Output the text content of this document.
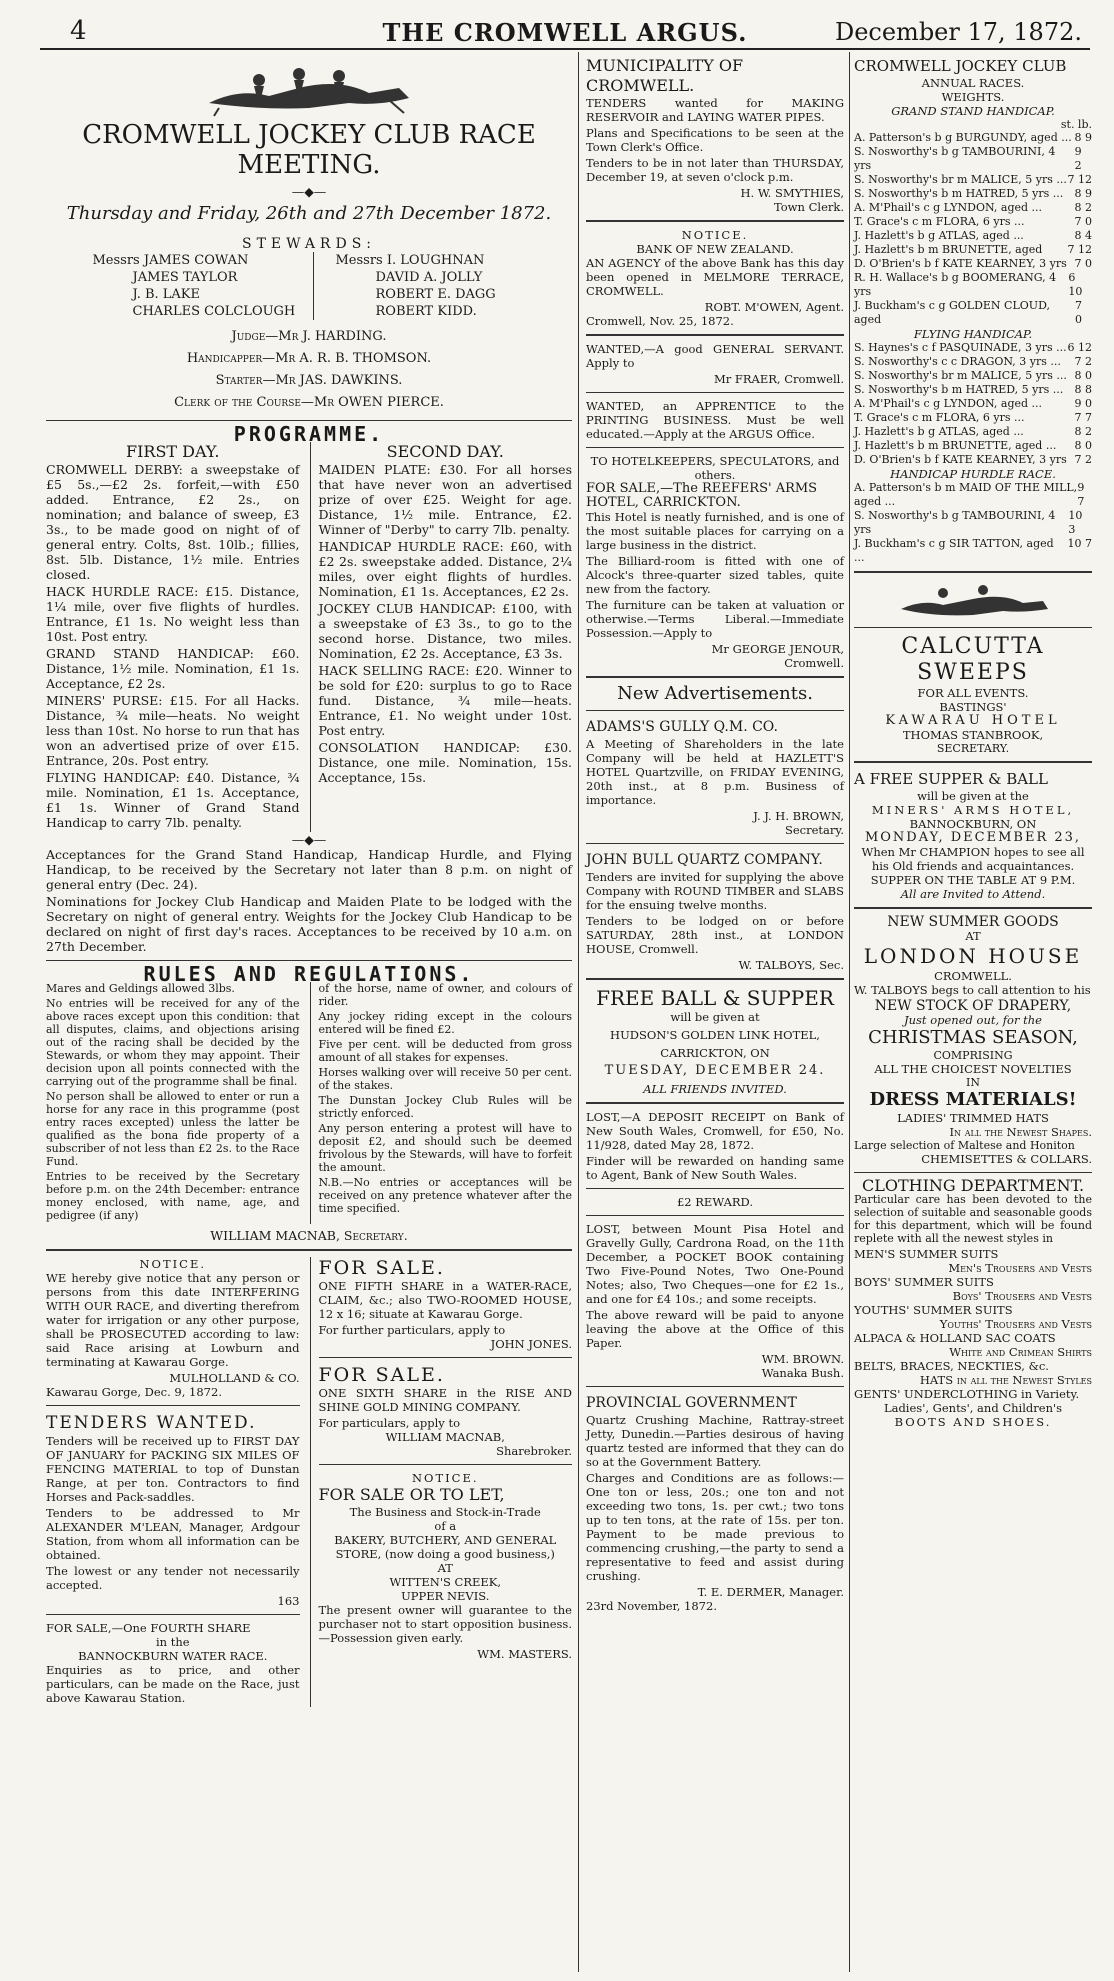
4	THE CROMWELL ARGUS.	December 17, 1872.
CROMWELL JOCKEY CLUB RACE MEETING.
—◆—
Thursday and Friday, 26th and 27th December 1872.
STEWARDS:
Messrs JAMES COWAN
JAMES TAYLOR
J. B. LAKE
CHARLES COLCLOUGH
Messrs I. LOUGHNAN
DAVID A. JOLLY
ROBERT E. DAGG
ROBERT KIDD.
Judge—Mr J. HARDING.
Handicapper—Mr A. R. B. THOMSON.
Starter—Mr JAS. DAWKINS.
Clerk of the Course—Mr OWEN PIERCE.
PROGRAMME.
FIRST DAY.

CROMWELL DERBY: a sweepstake of £5 5s.,—£2 2s. forfeit,—with £50 added. Entrance, £2 2s., on nomination; and balance of sweep, £3 3s., to be made good on night of of general entry. Colts, 8st. 10lb.; fillies, 8st. 5lb. Distance, 1½ mile. Entries closed.

HACK HURDLE RACE: £15. Distance, 1¼ mile, over five flights of hurdles. Entrance, £1 1s. No weight less than 10st. Post entry.

GRAND STAND HANDICAP: £60. Distance, 1½ mile. Nomination, £1 1s. Acceptance, £2 2s.

MINERS' PURSE: £15. For all Hacks. Distance, ¾ mile—heats. No weight less than 10st. No horse to run that has won an advertised prize of over £15. Entrance, 20s. Post entry.

FLYING HANDICAP: £40. Distance, ¾ mile. Nomination, £1 1s. Acceptance, £1 1s. Winner of Grand Stand Handicap to carry 7lb. penalty.

SECOND DAY.

MAIDEN PLATE: £30. For all horses that have never won an advertised prize of over £25. Weight for age. Distance, 1½ mile. Entrance, £2. Winner of "Derby" to carry 7lb. penalty.

HANDICAP HURDLE RACE: £60, with £2 2s. sweepstake added. Distance, 2¼ miles, over eight flights of hurdles. Nomination, £1 1s. Acceptances, £2 2s.

JOCKEY CLUB HANDICAP: £100, with a sweepstake of £3 3s., to go to the second horse. Distance, two miles. Nomination, £2 2s. Acceptance, £3 3s.

HACK SELLING RACE: £20. Winner to be sold for £20: surplus to go to Race fund. Distance, ¾ mile—heats. Entrance, £1. No weight under 10st. Post entry.

CONSOLATION HANDICAP: £30. Distance, one mile. Nomination, 15s. Acceptance, 15s.

—◆—

Acceptances for the Grand Stand Handicap, Handicap Hurdle, and Flying Handicap, to be received by the Secretary not later than 8 p.m. on night of general entry (Dec. 24).

Nominations for Jockey Club Handicap and Maiden Plate to be lodged with the Secretary on night of general entry. Weights for the Jockey Club Handicap to be declared on night of first day's races. Acceptances to be received by 10 a.m. on 27th December.

RULES AND REGULATIONS.

Mares and Geldings allowed 3lbs.

No entries will be received for any of the above races except upon this condition: that all disputes, claims, and objections arising out of the racing shall be decided by the Stewards, or whom they may appoint. Their decision upon all points connected with the carrying out of the programme shall be final.

No person shall be allowed to enter or run a horse for any race in this programme (post entry races excepted) unless the latter be qualified as the bona fide property of a subscriber of not less than £2 2s. to the Race Fund.

Entries to be received by the Secretary before p.m. on the 24th December: entrance money enclosed, with name, age, and pedigree (if any)

of the horse, name of owner, and colours of rider.

Any jockey riding except in the colours entered will be fined £2.

Five per cent. will be deducted from gross amount of all stakes for expenses.

Horses walking over will receive 50 per cent. of the stakes.

The Dunstan Jockey Club Rules will be strictly enforced.

Any person entering a protest will have to deposit £2, and should such be deemed frivolous by the Stewards, will have to forfeit the amount.

N.B.—No entries or acceptances will be received on any pretence whatever after the time specified.

WILLIAM MACNAB, Secretary.
NOTICE.

WE hereby give notice that any person or persons from this date INTERFERING WITH OUR RACE, and diverting therefrom water for irrigation or any other purpose, shall be PROSECUTED according to law: said Race arising at Lowburn and terminating at Kawarau Gorge.

MULHOLLAND & CO.
Kawarau Gorge, Dec. 9, 1872.
TENDERS WANTED.

Tenders will be received up to FIRST DAY OF JANUARY for PACKING SIX MILES OF FENCING MATERIAL to top of Dunstan Range, at per ton. Contractors to find Horses and Pack-saddles.

Tenders to be addressed to Mr ALEXANDER M'LEAN, Manager, Ardgour Station, from whom all information can be obtained.

The lowest or any tender not necessarily accepted.

163
FOR SALE,—One FOURTH SHARE
in the
BANNOCKBURN WATER RACE.

Enquiries as to price, and other particulars, can be made on the Race, just above Kawarau Station.

FOR SALE.

ONE FIFTH SHARE in a WATER-RACE, CLAIM, &c.; also TWO-ROOMED HOUSE, 12 x 16; situate at Kawarau Gorge.

For further particulars, apply to
JOHN JONES.
FOR SALE.

ONE SIXTH SHARE in the RISE AND SHINE GOLD MINING COMPANY.

For particulars, apply to
WILLIAM MACNAB,
Sharebroker.
NOTICE.
FOR SALE OR TO LET,
The Business and Stock-in-Trade
of a
BAKERY, BUTCHERY, AND GENERAL STORE, (now doing a good business,)
AT
WITTEN'S CREEK,
UPPER NEVIS.

The present owner will guarantee to the purchaser not to start opposition business.—Possession given early.

WM. MASTERS.
MUNICIPALITY OF CROMWELL.

TENDERS wanted for MAKING RESERVOIR and LAYING WATER PIPES.

Plans and Specifications to be seen at the Town Clerk's Office.

Tenders to be in not later than THURSDAY, December 19, at seven o'clock p.m.

H. W. SMYTHIES,
Town Clerk.
NOTICE.
BANK OF NEW ZEALAND.

AN AGENCY of the above Bank has this day been opened in MELMORE TERRACE, CROMWELL.

ROBT. M'OWEN, Agent.
Cromwell, Nov. 25, 1872.

WANTED,—A good GENERAL SERVANT. Apply to

Mr FRAER, Cromwell.

WANTED, an APPRENTICE to the PRINTING BUSINESS. Must be well educated.—Apply at the ARGUS Office.

TO HOTELKEEPERS, SPECULATORS, and others.
FOR SALE,—The REEFERS' ARMS HOTEL, CARRICKTON.

This Hotel is neatly furnished, and is one of the most suitable places for carrying on a large business in the district.

The Billiard-room is fitted with one of Alcock's three-quarter sized tables, quite new from the factory.

The furniture can be taken at valuation or otherwise.—Terms Liberal.—Immediate Possession.—Apply to

Mr GEORGE JENOUR,
Cromwell.
New Advertisements.
ADAMS'S GULLY Q.M. CO.

A Meeting of Shareholders in the late Company will be held at HAZLETT'S HOTEL Quartzville, on FRIDAY EVENING, 20th inst., at 8 p.m. Business of importance.

J. J. H. BROWN,
Secretary.
JOHN BULL QUARTZ COMPANY.

Tenders are invited for supplying the above Company with ROUND TIMBER and SLABS for the ensuing twelve months.

Tenders to be lodged on or before SATURDAY, 28th inst., at LONDON HOUSE, Cromwell.

W. TALBOYS, Sec.
FREE BALL & SUPPER
will be given at
HUDSON'S GOLDEN LINK HOTEL,
CARRICKTON, ON
TUESDAY, DECEMBER 24.
ALL FRIENDS INVITED.

LOST,—A DEPOSIT RECEIPT on Bank of New South Wales, Cromwell, for £50, No. 11/928, dated May 28, 1872.

Finder will be rewarded on handing same to Agent, Bank of New South Wales.

£2 REWARD.

LOST, between Mount Pisa Hotel and Gravelly Gully, Cardrona Road, on the 11th December, a POCKET BOOK containing Two Five-Pound Notes, Two One-Pound Notes; also, Two Cheques—one for £2 1s., and one for £4 10s.; and some receipts.

The above reward will be paid to anyone leaving the above at the Office of this Paper.

WM. BROWN.
Wanaka Bush.
PROVINCIAL GOVERNMENT

Quartz Crushing Machine, Rattray-street Jetty, Dunedin.—Parties desirous of having quartz tested are informed that they can do so at the Government Battery.

Charges and Conditions are as follows:—One ton or less, 20s.; one ton and not exceeding two tons, 1s. per cwt.; two tons up to ten tons, at the rate of 15s. per ton. Payment to be made previous to commencing crushing,—the party to send a representative to feed and assist during crushing.

T. E. DERMER, Manager.
23rd November, 1872.
CROMWELL JOCKEY CLUB
ANNUAL RACES.
WEIGHTS.
GRAND STAND HANDICAP.
st. lb.
A. Patterson's b g BURGUNDY, aged ... 8 9
S. Nosworthy's b g TAMBOURINI, 4 yrs
9 2
S. Nosworthy's br m MALICE, 5 yrs ... 7 12
S. Nosworthy's b m HATRED, 5 yrs ... 8 9
A. M'Phail's c g LYNDON, aged ...	8 2
T. Grace's c m FLORA, 6 yrs ...	7 0
J. Hazlett's b g ATLAS, aged ...	8 4
J. Hazlett's b m BRUNETTE, aged 7 12
D. O'Brien's b f KATE KEARNEY, 3 yrs 7 0
R. H. Wallace's b g BOOMERANG, 4 yrs
6 10
J. Buckham's c g GOLDEN CLOUD, aged
7 0
FLYING HANDICAP.
S. Haynes's c f PASQUINADE, 3 yrs ... 6 12
S. Nosworthy's c c DRAGON, 3 yrs ... 7 2
S. Nosworthy's br m MALICE, 5 yrs ... 8 0
S. Nosworthy's b m HATRED, 5 yrs ... 8 8
A. M'Phail's c g LYNDON, aged ...	9 0
T. Grace's c m FLORA, 6 yrs ...	7 7
J. Hazlett's b g ATLAS, aged ...	8 2
J. Hazlett's b m BRUNETTE, aged ... 8 0
D. O'Brien's b f KATE KEARNEY, 3 yrs 7 2
HANDICAP HURDLE RACE.
A. Patterson's b m MAID OF THE MILL, aged ...
9 7
S. Nosworthy's b g TAMBOURINI, 4 yrs
10 3
J. Buckham's c g SIR TATTON, aged ...
10 7
CALCUTTA SWEEPS
FOR ALL EVENTS.
BASTINGS'
KAWARAU HOTEL
THOMAS STANBROOK,
SECRETARY.
A FREE SUPPER & BALL
will be given at the
MINERS' ARMS HOTEL,
BANNOCKBURN, ON
MONDAY, DECEMBER 23,
When Mr CHAMPION hopes to see all his Old friends and acquaintances.
SUPPER ON THE TABLE AT 9 P.M.
All are Invited to Attend.
NEW SUMMER GOODS
AT
LONDON HOUSE
CROMWELL.

W. TALBOYS begs to call attention to his

NEW STOCK OF DRAPERY,
Just opened out, for the
CHRISTMAS SEASON,
COMPRISING
ALL THE CHOICEST NOVELTIES
IN
DRESS MATERIALS!
LADIES' TRIMMED HATS
In all the Newest Shapes.
Large selection of Maltese and Honiton
CHEMISETTES & COLLARS.
CLOTHING DEPARTMENT.

Particular care has been devoted to the selection of suitable and seasonable goods for this department, which will be found replete with all the newest styles in

MEN'S SUMMER SUITS
Men's Trousers and Vests
BOYS' SUMMER SUITS
Boys' Trousers and Vests
YOUTHS' SUMMER SUITS
Youths' Trousers and Vests
ALPACA & HOLLAND SAC COATS
White and Crimean Shirts
BELTS, BRACES, NECKTIES, &c.
HATS in all the Newest Styles
GENTS' UNDERCLOTHING in Variety.
Ladies', Gents', and Children's
BOOTS AND SHOES.
